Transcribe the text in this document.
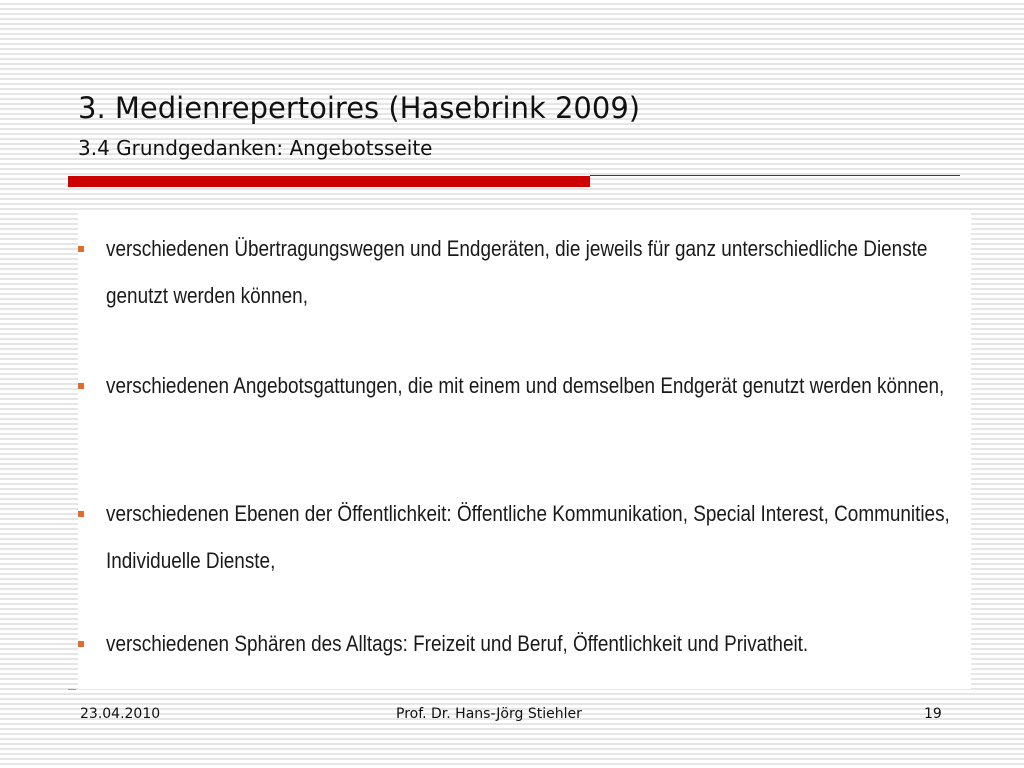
3. Medienrepertoires (Hasebrink 2009)
3.4 Grundgedanken: Angebotsseite
verschiedenen Übertragungswegen und Endgeräten, die jeweils für ganz unterschiedliche Dienste genutzt werden können,
verschiedenen Angebotsgattungen, die mit einem und demselben Endgerät genutzt werden können,
verschiedenen Ebenen der Öffentlichkeit: Öffentliche Kommunikation, Special Interest, Communities, Individuelle Dienste,
verschiedenen Sphären des Alltags: Freizeit und Beruf, Öffentlichkeit und Privatheit.
23.04.2010	Prof. Dr. Hans-Jörg Stiehler	19
